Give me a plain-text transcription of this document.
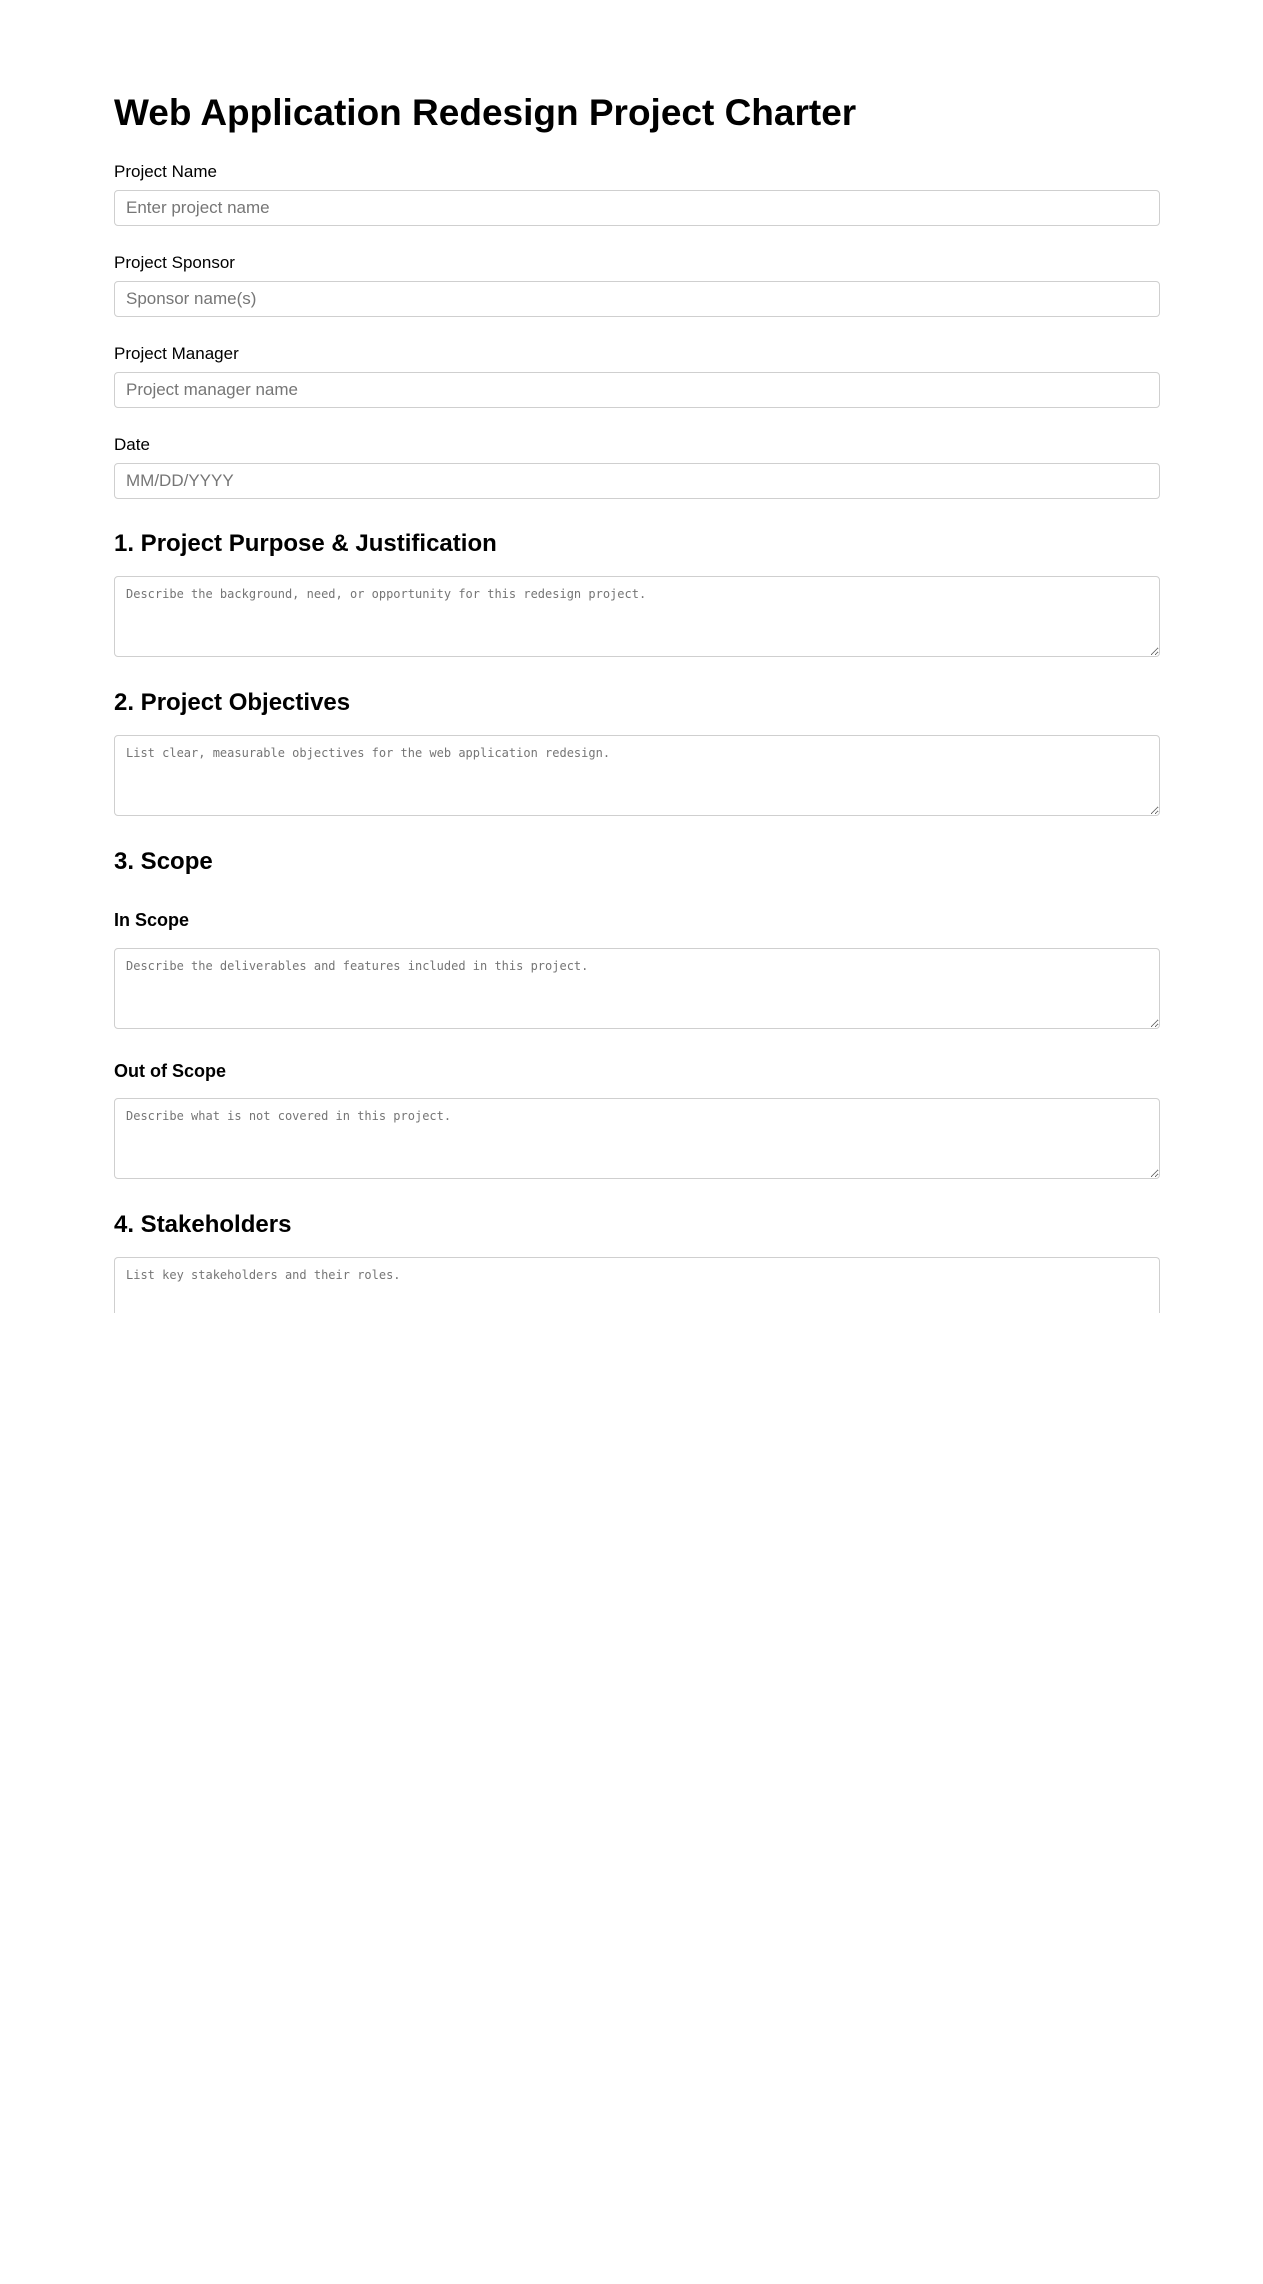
Web Application Redesign Project Charter
Project Name
Enter project name
Project Sponsor
Sponsor name(s)
Project Manager
Project manager name
Date
MM/DD/YYYY
1. Project Purpose & Justification
Describe the background, need, or opportunity for this redesign project.
2. Project Objectives
List clear, measurable objectives for the web application redesign.
3. Scope
In Scope
Describe the deliverables and features included in this project.
Out of Scope
Describe what is not covered in this project.
4. Stakeholders
List key stakeholders and their roles.
